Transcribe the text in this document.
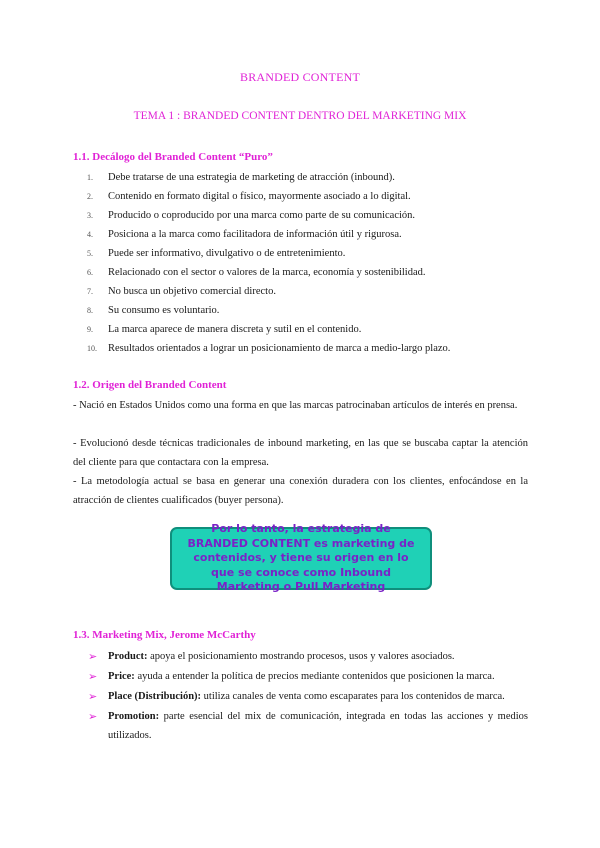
BRANDED CONTENT
TEMA 1 : BRANDED CONTENT DENTRO DEL MARKETING MIX
1.1. Decálogo del Branded Content “Puro”
1. Debe tratarse de una estrategia de marketing de atracción (inbound).
2. Contenido en formato digital o físico, mayormente asociado a lo digital.
3. Producido o coproducido por una marca como parte de su comunicación.
4. Posiciona a la marca como facilitadora de información útil y rigurosa.
5. Puede ser informativo, divulgativo o de entretenimiento.
6. Relacionado con el sector o valores de la marca, economía y sostenibilidad.
7. No busca un objetivo comercial directo.
8. Su consumo es voluntario.
9. La marca aparece de manera discreta y sutil en el contenido.
10. Resultados orientados a lograr un posicionamiento de marca a medio-largo plazo.
1.2. Origen del Branded Content
- Nació en Estados Unidos como una forma en que las marcas patrocinaban artículos de interés en prensa.
- Evolucionó desde técnicas tradicionales de inbound marketing, en las que se buscaba captar la atención del cliente para que contactara con la empresa.
- La metodología actual se basa en generar una conexión duradera con los clientes, enfocándose en la atracción de clientes cualificados (buyer persona).
Por lo tanto, la estrategia de BRANDED CONTENT es marketing de contenidos, y tiene su origen en lo que se conoce como Inbound Marketing o Pull Marketing
1.3. Marketing Mix, Jerome McCarthy
➢ Product: apoya el posicionamiento mostrando procesos, usos y valores asociados.
➢ Price: ayuda a entender la política de precios mediante contenidos que posicionen la marca.
➢ Place (Distribución): utiliza canales de venta como escaparates para los contenidos de marca.
➢ Promotion: parte esencial del mix de comunicación, integrada en todas las acciones y medios utilizados.
